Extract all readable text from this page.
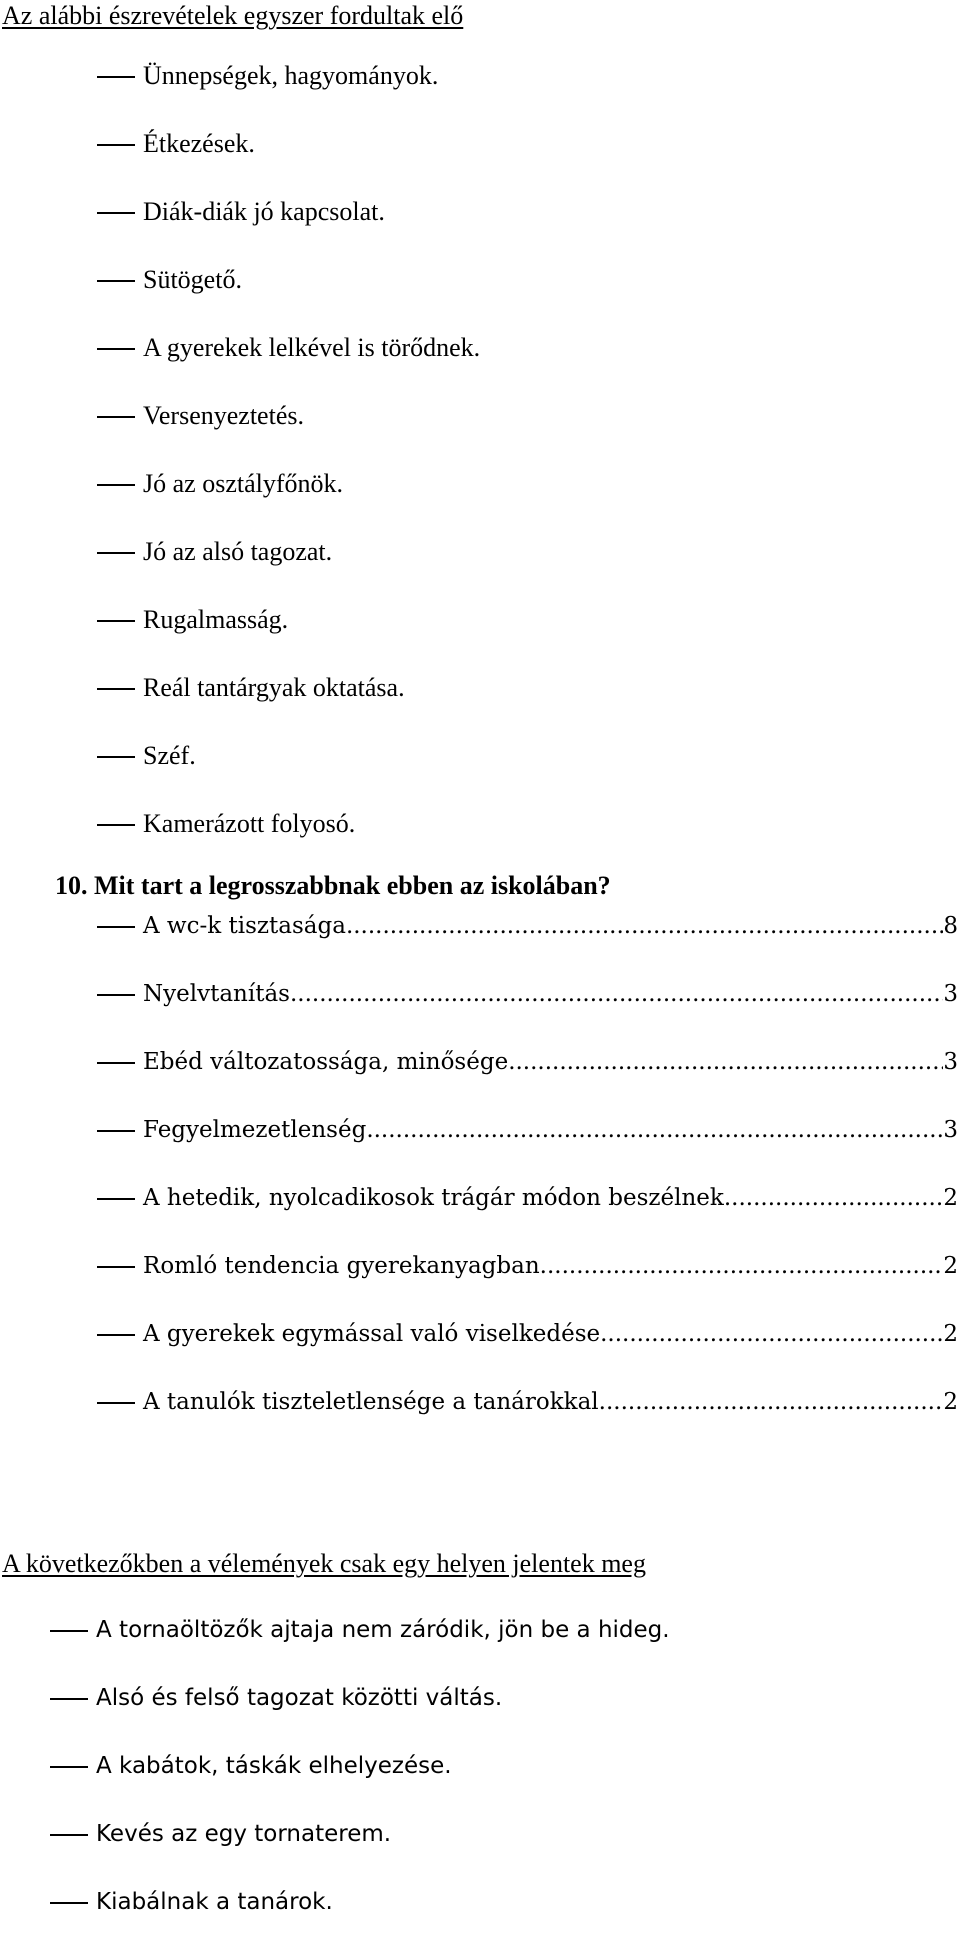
Az alábbi észrevételek egyszer fordultak elő
Ünnepségek, hagyományok.
Étkezések.
Diák-diák jó kapcsolat.
Sütögető.
A gyerekek lelkével is törődnek.
Versenyeztetés.
Jó az osztályfőnök.
Jó az alsó tagozat.
Rugalmasság.
Reál tantárgyak oktatása.
Széf.
Kamerázott folyosó.
10. Mit tart a legrosszabbnak ebben az iskolában?
A wc-k tisztasága .....	8
Nyelvtanítás .....	3
Ebéd változatossága, minősége .....	3
Fegyelmezetlenség .....	3
A hetedik, nyolcadikosok trágár módon beszélnek .....	2
Romló tendencia gyerekanyagban .....	2
A gyerekek egymással való viselkedése .....	2
A tanulók tiszteletlensége a tanárokkal .....	2
A következőkben a vélemények csak egy helyen jelentek meg
A tornaöltözők ajtaja nem záródik, jön be a hideg.
Alsó és felső tagozat közötti váltás.
A kabátok, táskák elhelyezése.
Kevés az egy tornaterem.
Kiabálnak a tanárok.
